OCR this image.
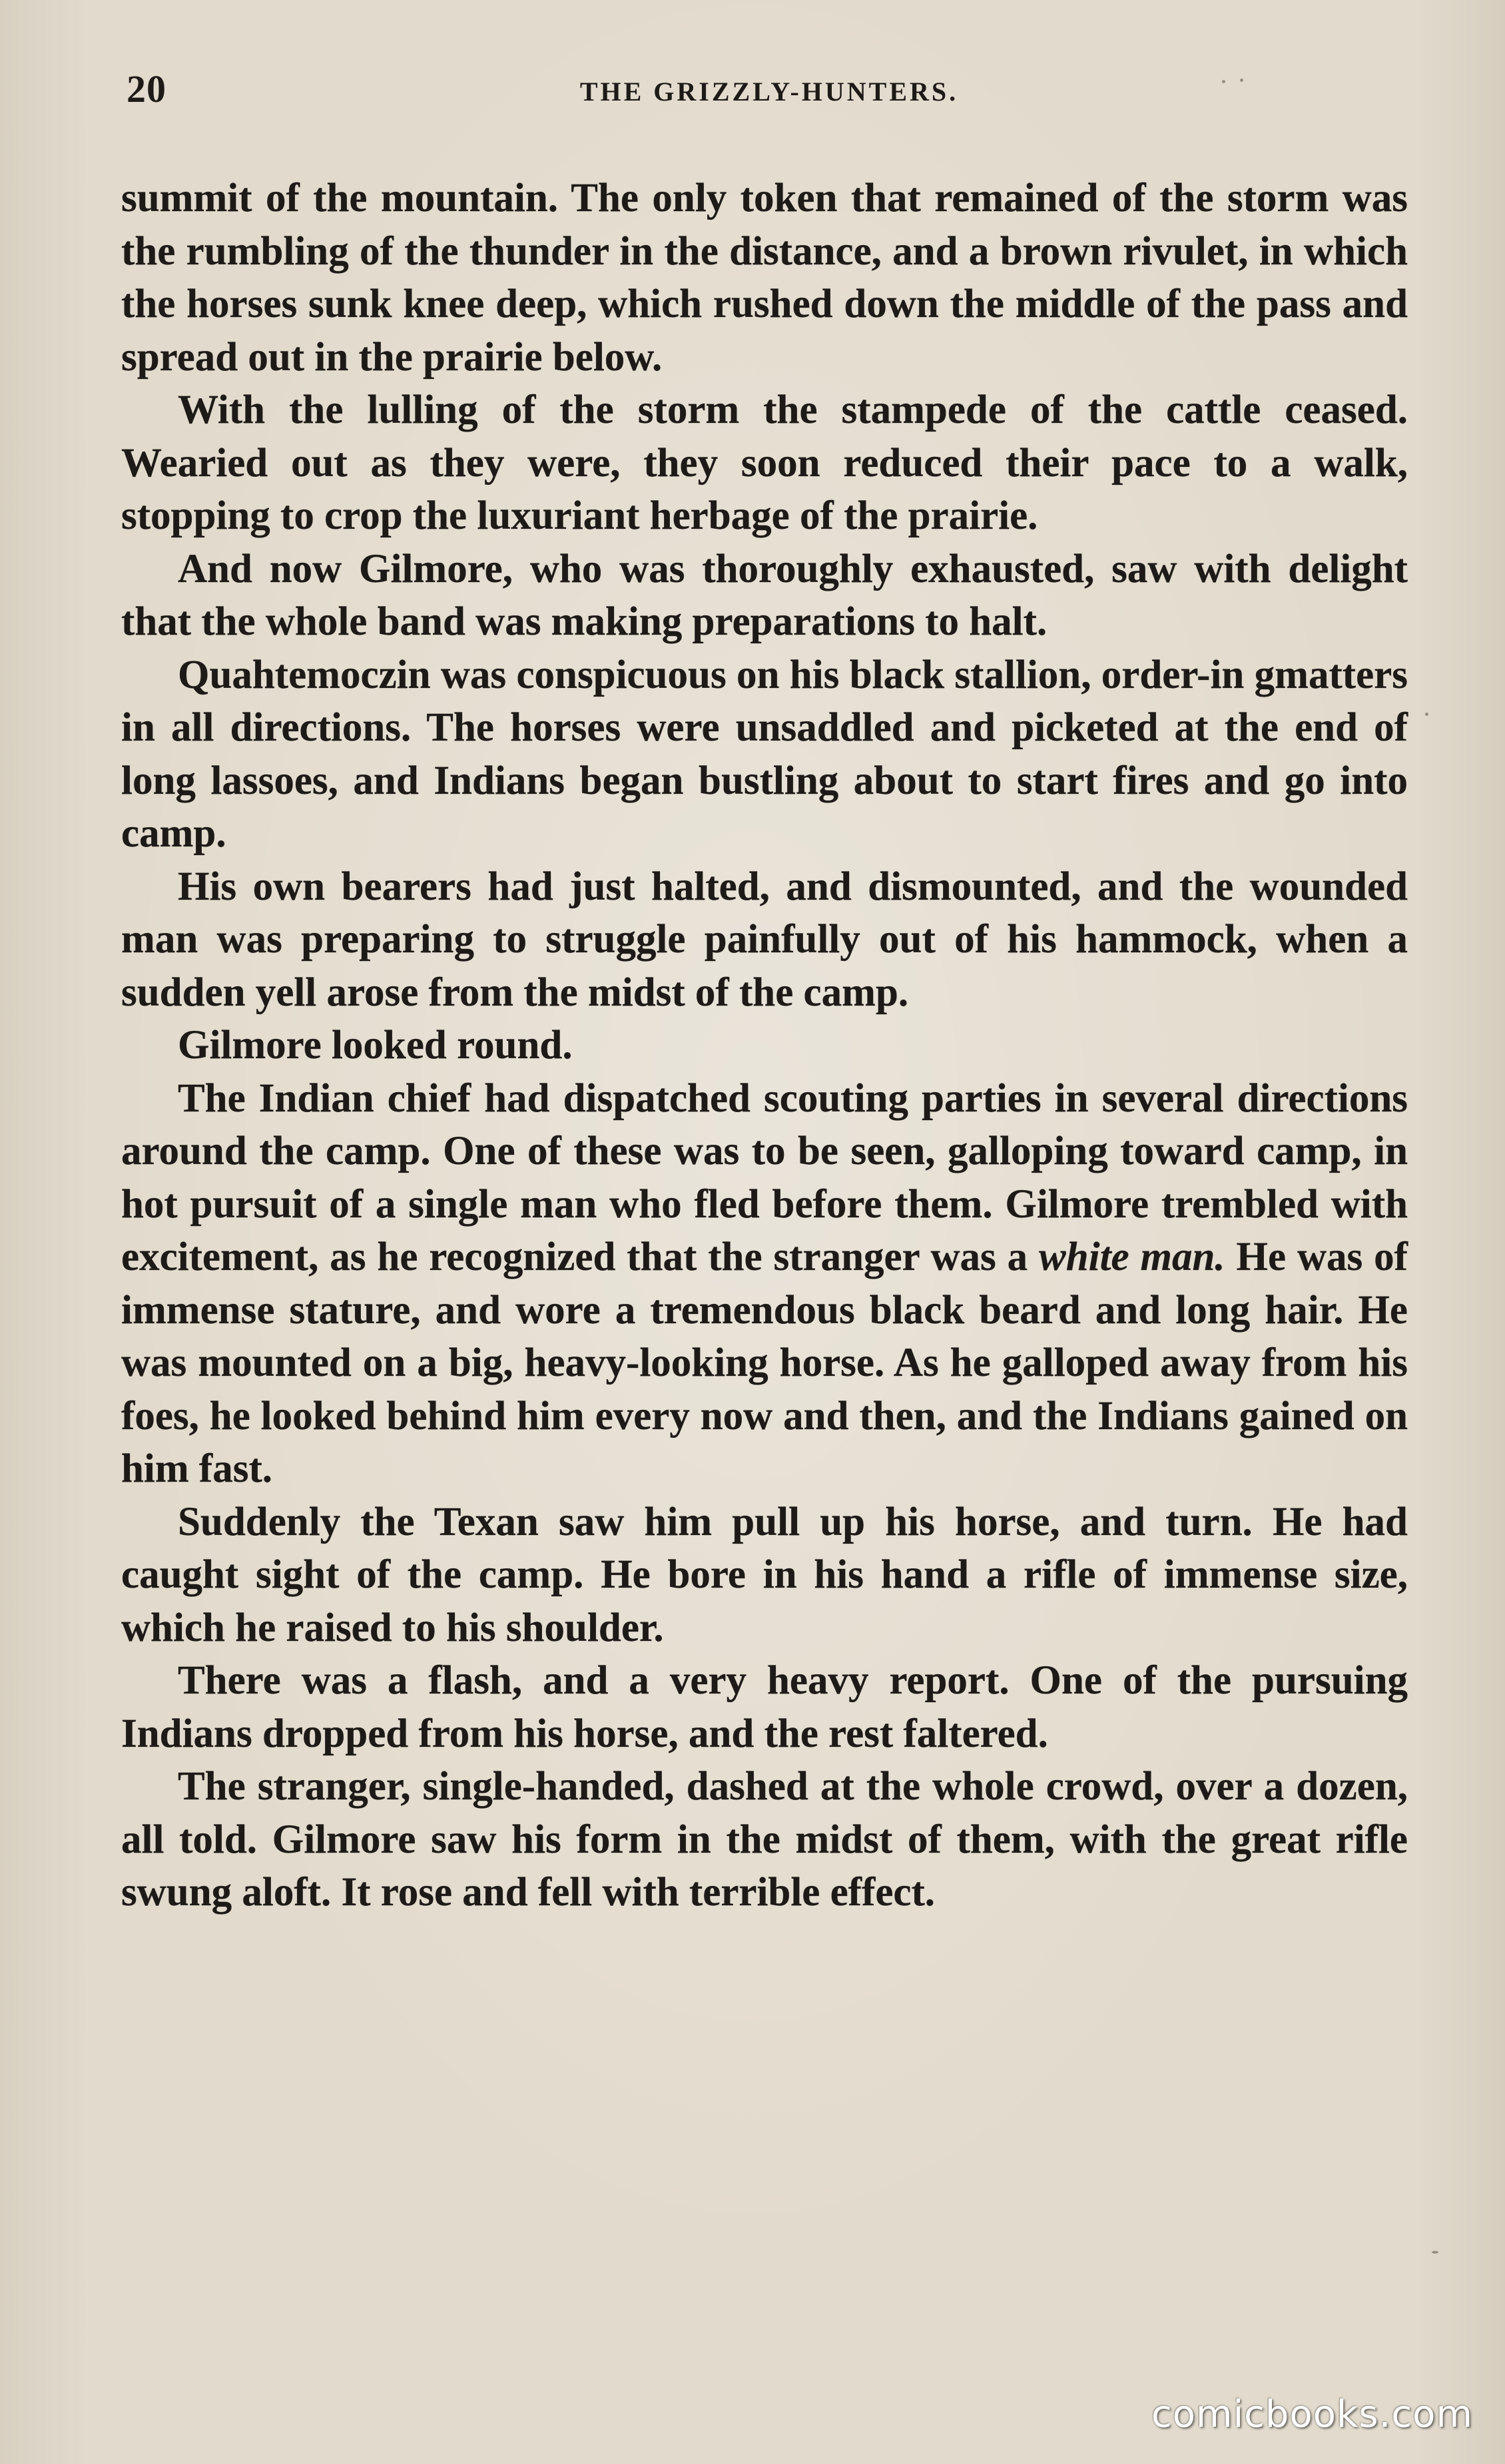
20	THE GRIZZLY-HUNTERS.

summit of the mountain. The only token that remained of the storm was the rumbling of the thunder in the distance, and a brown rivulet, in which the horses sunk knee deep, which rushed down the middle of the pass and spread out in the prairie below.

With the lulling of the storm the stampede of the cattle ceased. Wearied out as they were, they soon reduced their pace to a walk, stopping to crop the luxuriant herbage of the prairie.

And now Gilmore, who was thoroughly exhausted, saw with delight that the whole band was making preparations to halt.

Quahtemoczin was conspicuous on his black stallion, order-in gmatters in all directions. The horses were unsaddled and picketed at the end of long lassoes, and Indians began bustling about to start fires and go into camp.

His own bearers had just halted, and dismounted, and the wounded man was preparing to struggle painfully out of his hammock, when a sudden yell arose from the midst of the camp.

Gilmore looked round.

The Indian chief had dispatched scouting parties in several directions around the camp. One of these was to be seen, galloping toward camp, in hot pursuit of a single man who fled before them. Gilmore trembled with excitement, as he recognized that the stranger was a white man. He was of immense stature, and wore a tremendous black beard and long hair. He was mounted on a big, heavy-looking horse. As he galloped away from his foes, he looked behind him every now and then, and the Indians gained on him fast.

Suddenly the Texan saw him pull up his horse, and turn. He had caught sight of the camp. He bore in his hand a rifle of immense size, which he raised to his shoulder.

There was a flash, and a very heavy report. One of the pursuing Indians dropped from his horse, and the rest faltered.

The stranger, single-handed, dashed at the whole crowd, over a dozen, all told. Gilmore saw his form in the midst of them, with the great rifle swung aloft. It rose and fell with terrible effect.

comicbooks.com
